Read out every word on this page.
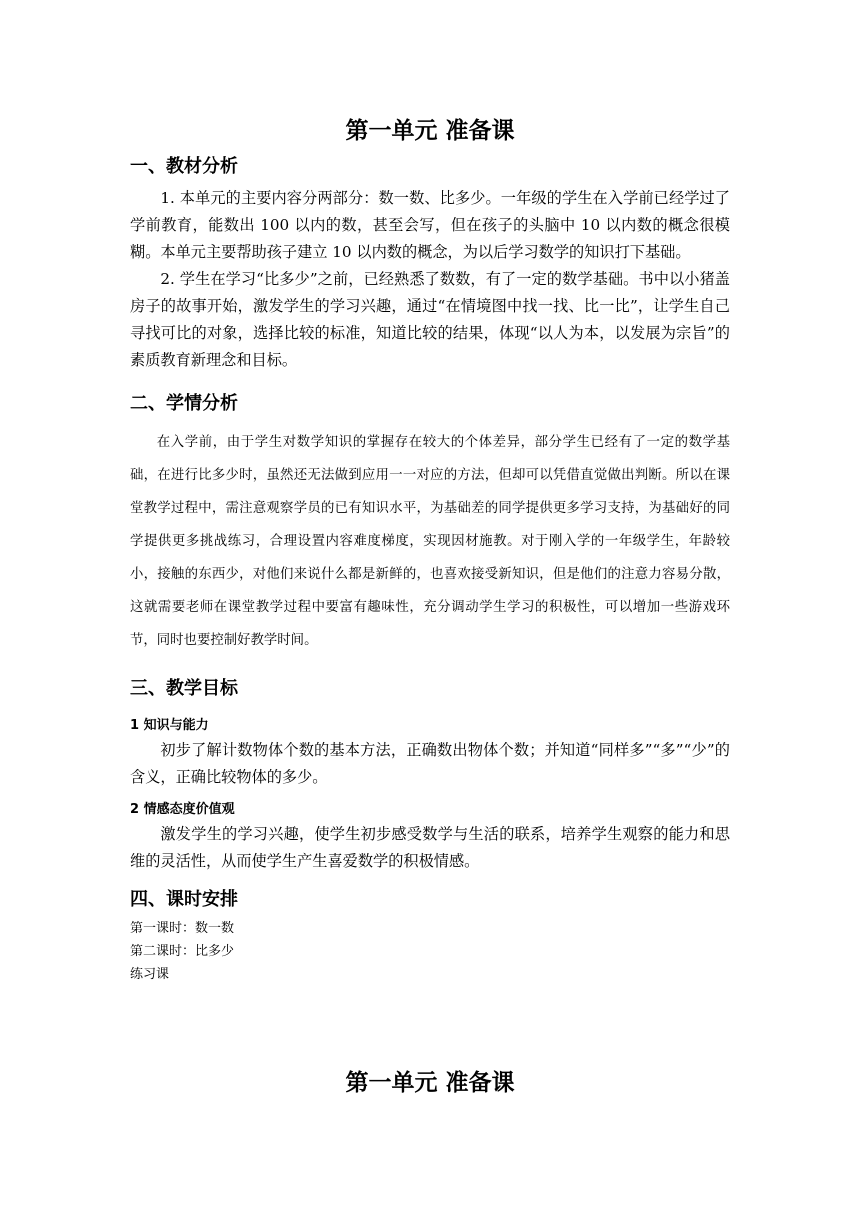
第一单元 准备课
一、教材分析

1. 本单元的主要内容分两部分：数一数、比多少。一年级的学生在入学前已经学过了学前教育，能数出 100 以内的数，甚至会写，但在孩子的头脑中 10 以内数的概念很模糊。本单元主要帮助孩子建立 10 以内数的概念，为以后学习数学的知识打下基础。

2. 学生在学习“比多少”之前，已经熟悉了数数，有了一定的数学基础。书中以小猪盖房子的故事开始，激发学生的学习兴趣，通过“在情境图中找一找、比一比”，让学生自己寻找可比的对象，选择比较的标准，知道比较的结果，体现“以人为本，以发展为宗旨”的素质教育新理念和目标。

二、学情分析

在入学前，由于学生对数学知识的掌握存在较大的个体差异，部分学生已经有了一定的数学基础，在进行比多少时，虽然还无法做到应用一一对应的方法，但却可以凭借直觉做出判断。所以在课堂教学过程中，需注意观察学员的已有知识水平，为基础差的同学提供更多学习支持，为基础好的同学提供更多挑战练习，合理设置内容难度梯度，实现因材施教。对于刚入学的一年级学生，年龄较小，接触的东西少，对他们来说什么都是新鲜的，也喜欢接受新知识，但是他们的注意力容易分散，这就需要老师在课堂教学过程中要富有趣味性，充分调动学生学习的积极性，可以增加一些游戏环节，同时也要控制好教学时间。

三、教学目标
1 知识与能力

初步了解计数物体个数的基本方法，正确数出物体个数；并知道“同样多”“多”“少”的含义，正确比较物体的多少。

2 情感态度价值观

激发学生的学习兴趣，使学生初步感受数学与生活的联系，培养学生观察的能力和思维的灵活性，从而使学生产生喜爱数学的积极情感。

四、课时安排
第一课时：数一数
第二课时：比多少
练习课
第一单元 准备课
